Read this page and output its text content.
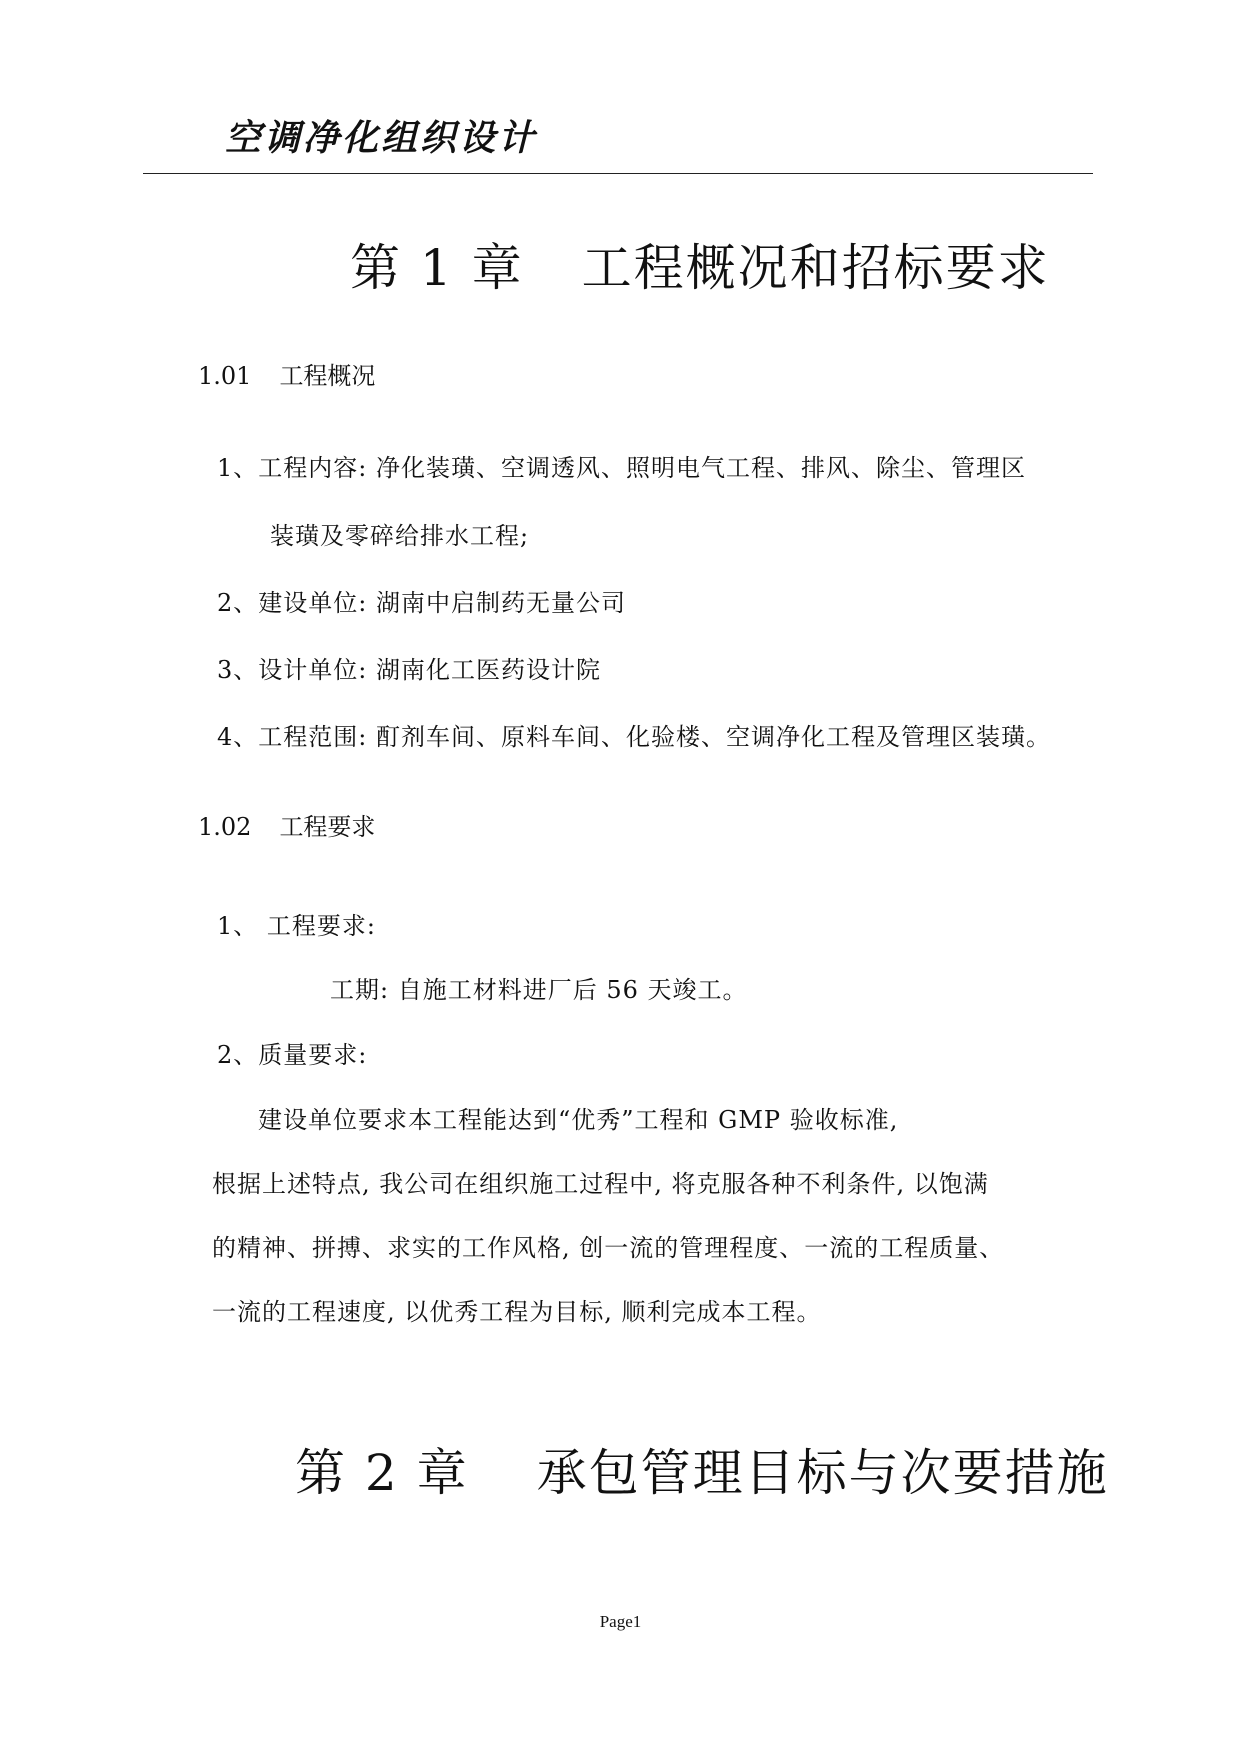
空调净化组织设计
第 1 章 工程概况和招标要求
1.01 工程概况
1、工程内容: 净化装璜、空调透风、照明电气工程、排风、除尘、管理区
装璜及零碎给排水工程;
2、建设单位: 湖南中启制药无量公司
3、设计单位: 湖南化工医药设计院
4、工程范围: 酊剂车间、原料车间、化验楼、空调净化工程及管理区装璜。
1.02 工程要求
1、 工程要求:
工期: 自施工材料进厂后 56 天竣工。
2、质量要求:
建设单位要求本工程能达到“优秀”工程和 GMP 验收标准,
根据上述特点, 我公司在组织施工过程中, 将克服各种不利条件, 以饱满
的精神、拼搏、求实的工作风格, 创一流的管理程度、一流的工程质量、
一流的工程速度, 以优秀工程为目标, 顺利完成本工程。
第 2 章 承包管理目标与次要措施
Page1
